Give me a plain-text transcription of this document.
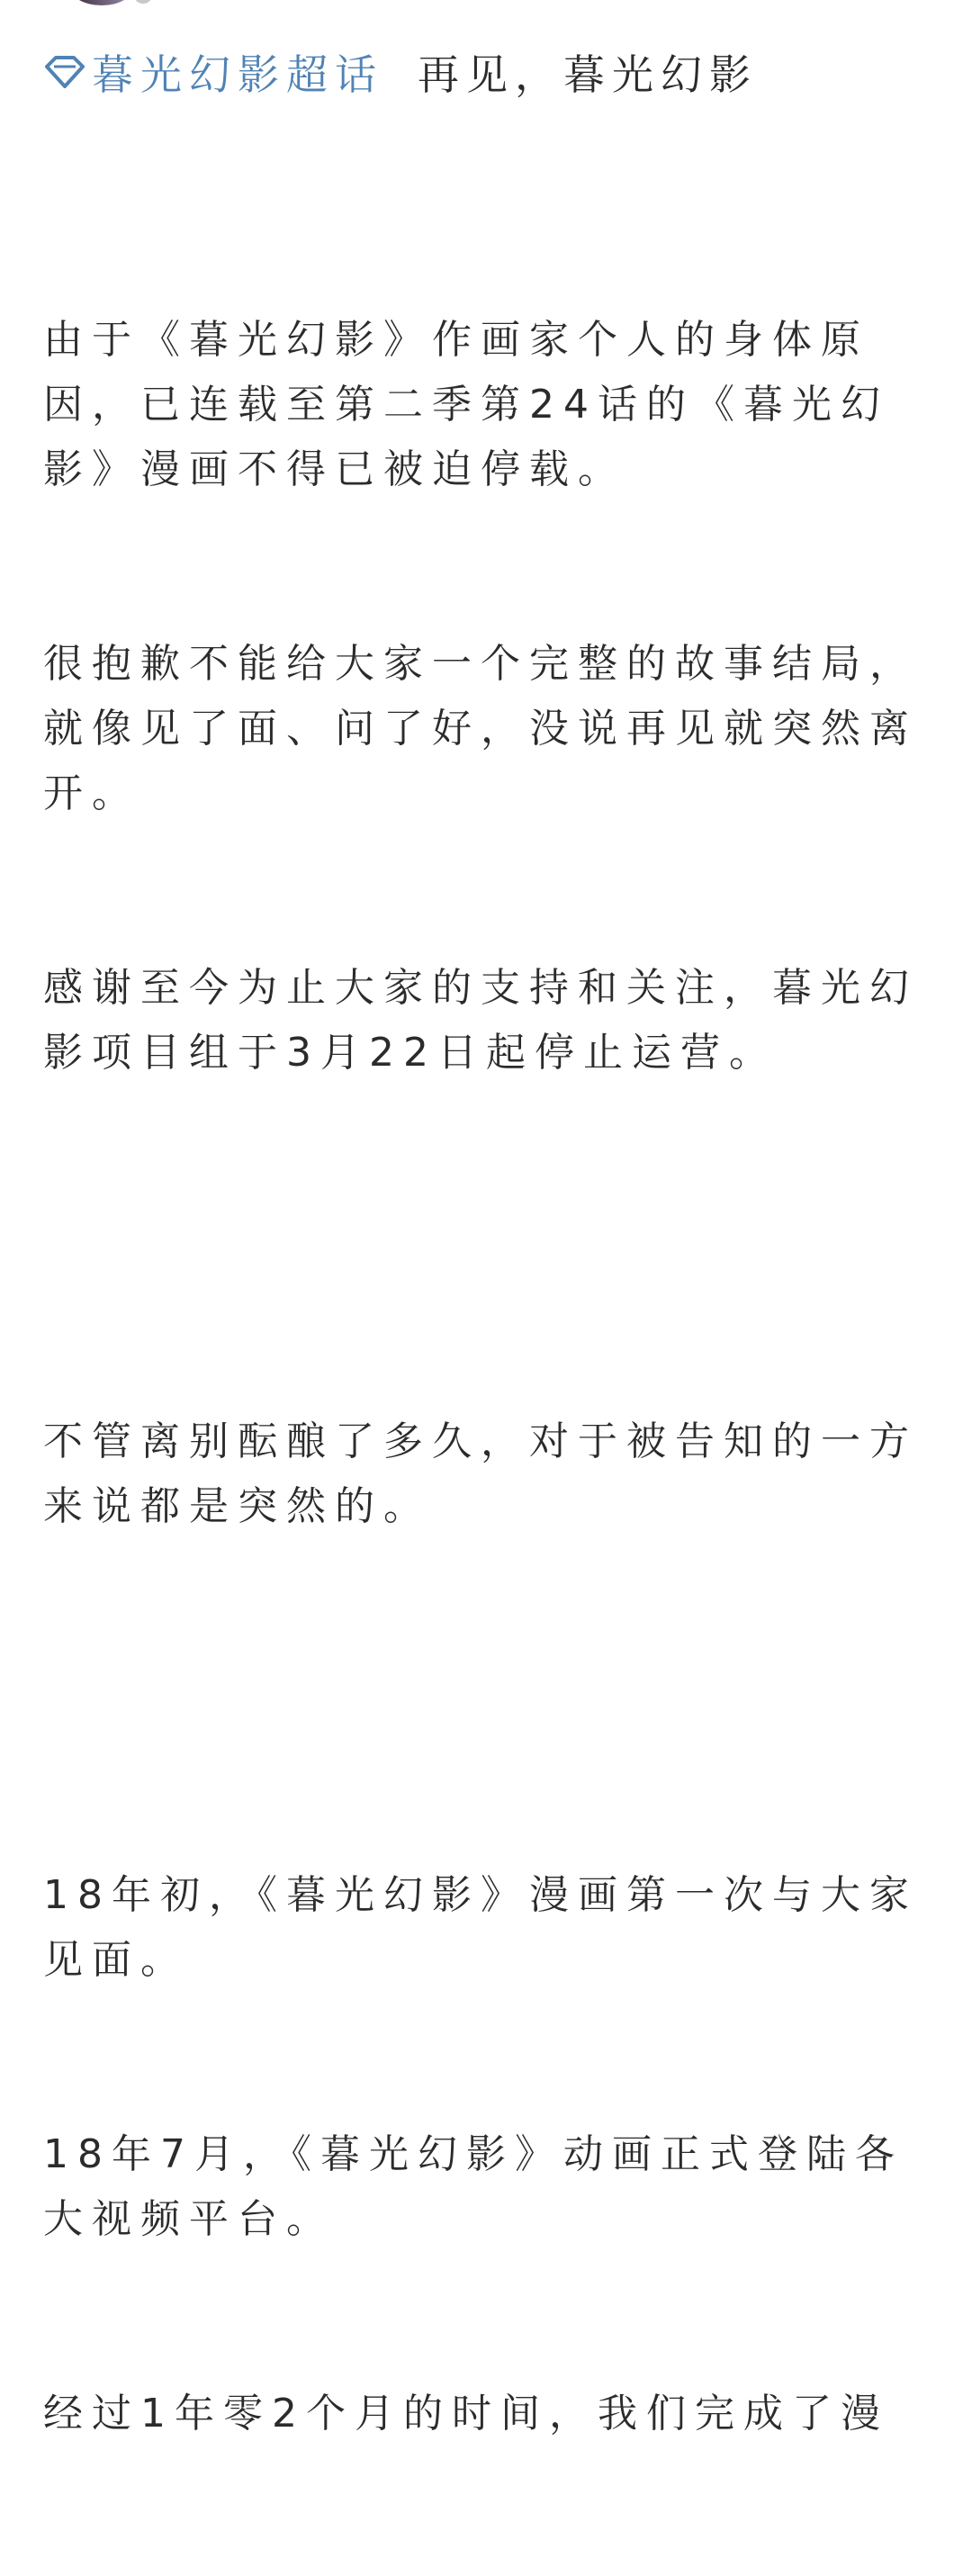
暮光幻影超话 再见，暮光幻影

由于《暮光幻影》作画家个人的身体原因，已连载至第二季第24话的《暮光幻影》漫画不得已被迫停载。

很抱歉不能给大家一个完整的故事结局，就像见了面、问了好，没说再见就突然离开。

感谢至今为止大家的支持和关注，暮光幻影项目组于3月22日起停止运营。

不管离别酝酿了多久，对于被告知的一方来说都是突然的。

18年初，《暮光幻影》漫画第一次与大家见面。

18年7月，《暮光幻影》动画正式登陆各大视频平台。

经过1年零2个月的时间，我们完成了漫
